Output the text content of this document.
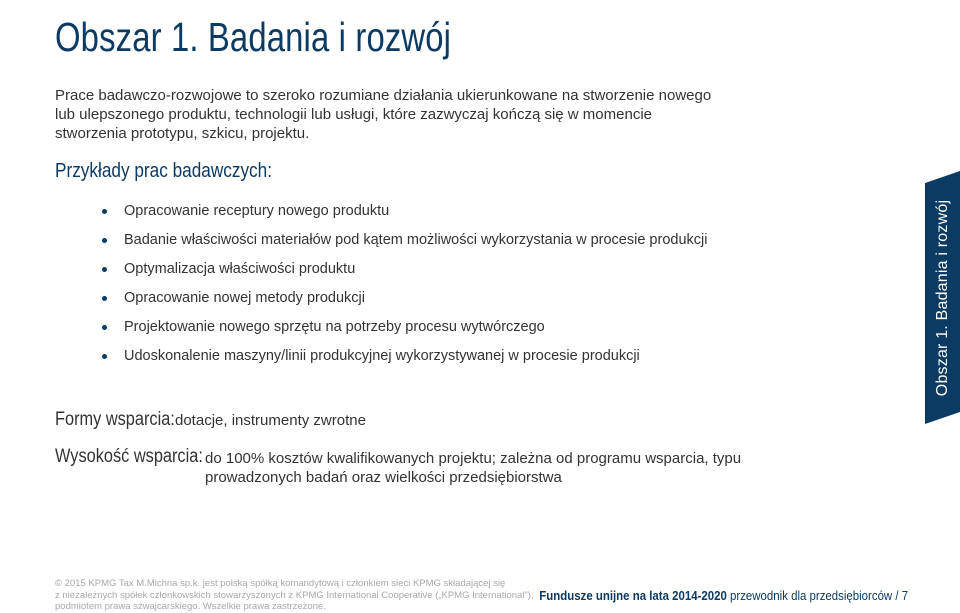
Obszar 1. Badania i rozwój

Prace badawczo-rozwojowe to szeroko rozumiane działania ukierunkowane na stworzenie nowego lub ulepszonego produktu, technologii lub usługi, które zazwyczaj kończą się w momencie stworzenia prototypu, szkicu, projektu.

Przykłady prac badawczych:
Opracowanie receptury nowego produktu
Badanie właściwości materiałów pod kątem możliwości wykorzystania w procesie produkcji
Optymalizacja właściwości produktu
Opracowanie nowej metody produkcji
Projektowanie nowego sprzętu na potrzeby procesu wytwórczego
Udoskonalenie maszyny/linii produkcyjnej wykorzystywanej w procesie produkcji
Formy wsparcia: dotacje, instrumenty zwrotne
Wysokość wsparcia: do 100% kosztów kwalifikowanych projektu; zależna od programu wsparcia, typu prowadzonych badań oraz wielkości przedsiębiorstwa
Obszar 1. Badania i rozwój
© 2015 KPMG Tax M.Michna sp.k. jest polską spółką komandytową i członkiem sieci KPMG składającej się
z niezależnych spółek członkowskich stowarzyszonych z KPMG International Cooperative („KPMG International"),
podmiotem prawa szwajcarskiego. Wszelkie prawa zastrzeżone.
Fundusze unijne na lata 2014-2020 przewodnik dla przedsiębiorców / 7
